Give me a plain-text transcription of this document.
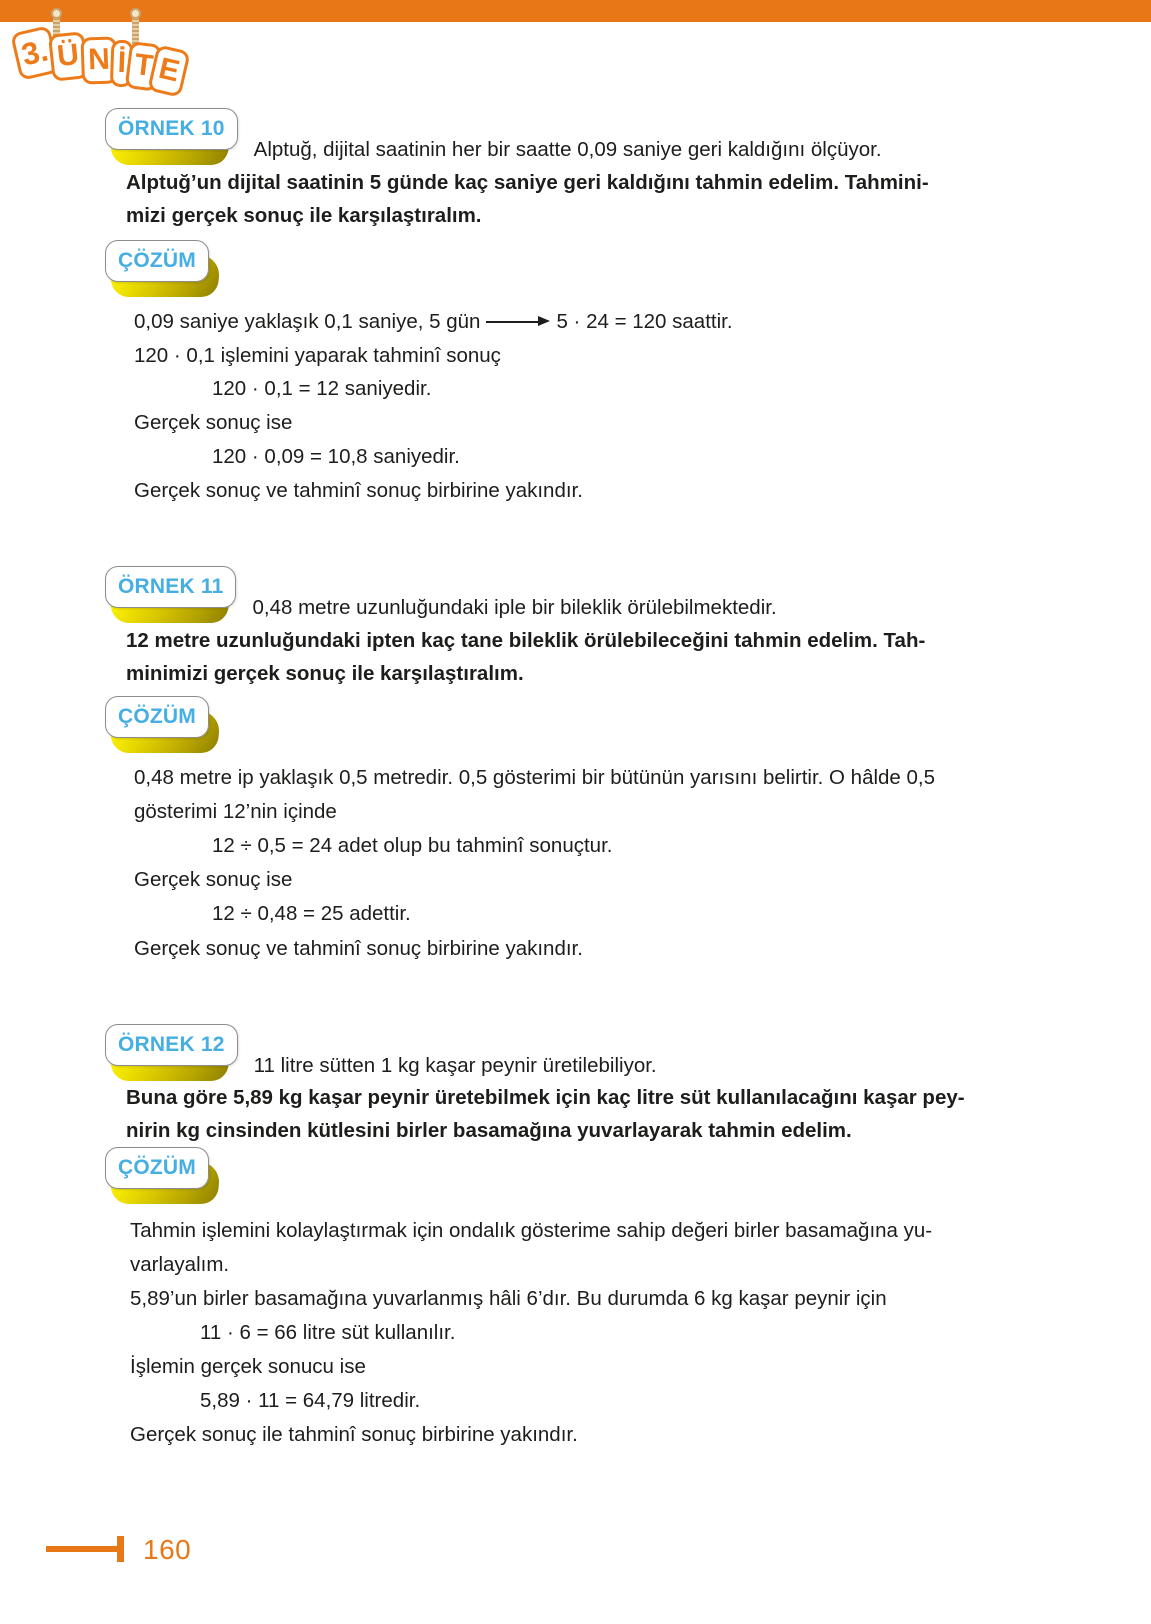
3. Ü N İ T E
ÖRNEK 10
Alptuğ, dijital saatinin her bir saatte 0,09 saniye geri kaldığını ölçüyor.
Alptuğ’un dijital saatinin 5 günde kaç saniye geri kaldığını tahmin edelim. Tahmini-
mizi gerçek sonuç ile karşılaştıralım.
ÇÖZÜM
0,09 saniye yaklaşık 0,1 saniye, 5 gün	5 · 24 = 120 saattir.
120 · 0,1 işlemini yaparak tahminî sonuç
120 · 0,1 = 12 saniyedir.
Gerçek sonuç ise
120 · 0,09 = 10,8 saniyedir.
Gerçek sonuç ve tahminî sonuç birbirine yakındır.
ÖRNEK 11
0,48 metre uzunluğundaki iple bir bileklik örülebilmektedir.
12 metre uzunluğundaki ipten kaç tane bileklik örülebileceğini tahmin edelim. Tah-
minimizi gerçek sonuç ile karşılaştıralım.
ÇÖZÜM
0,48 metre ip yaklaşık 0,5 metredir. 0,5 gösterimi bir bütünün yarısını belirtir. O hâlde 0,5
gösterimi 12’nin içinde
12 ÷ 0,5 = 24 adet olup bu tahminî sonuçtur.
Gerçek sonuç ise
12 ÷ 0,48 = 25 adettir.
Gerçek sonuç ve tahminî sonuç birbirine yakındır.
ÖRNEK 12
11 litre sütten 1 kg kaşar peynir üretilebiliyor.
Buna göre 5,89 kg kaşar peynir üretebilmek için kaç litre süt kullanılacağını kaşar pey-
nirin kg cinsinden kütlesini birler basamağına yuvarlayarak tahmin edelim.
ÇÖZÜM
Tahmin işlemini kolaylaştırmak için ondalık gösterime sahip değeri birler basamağına yu-
varlayalım.
5,89’un birler basamağına yuvarlanmış hâli 6’dır. Bu durumda 6 kg kaşar peynir için
11 · 6 = 66 litre süt kullanılır.
İşlemin gerçek sonucu ise
5,89 · 11 = 64,79 litredir.
Gerçek sonuç ile tahminî sonuç birbirine yakındır.
160
